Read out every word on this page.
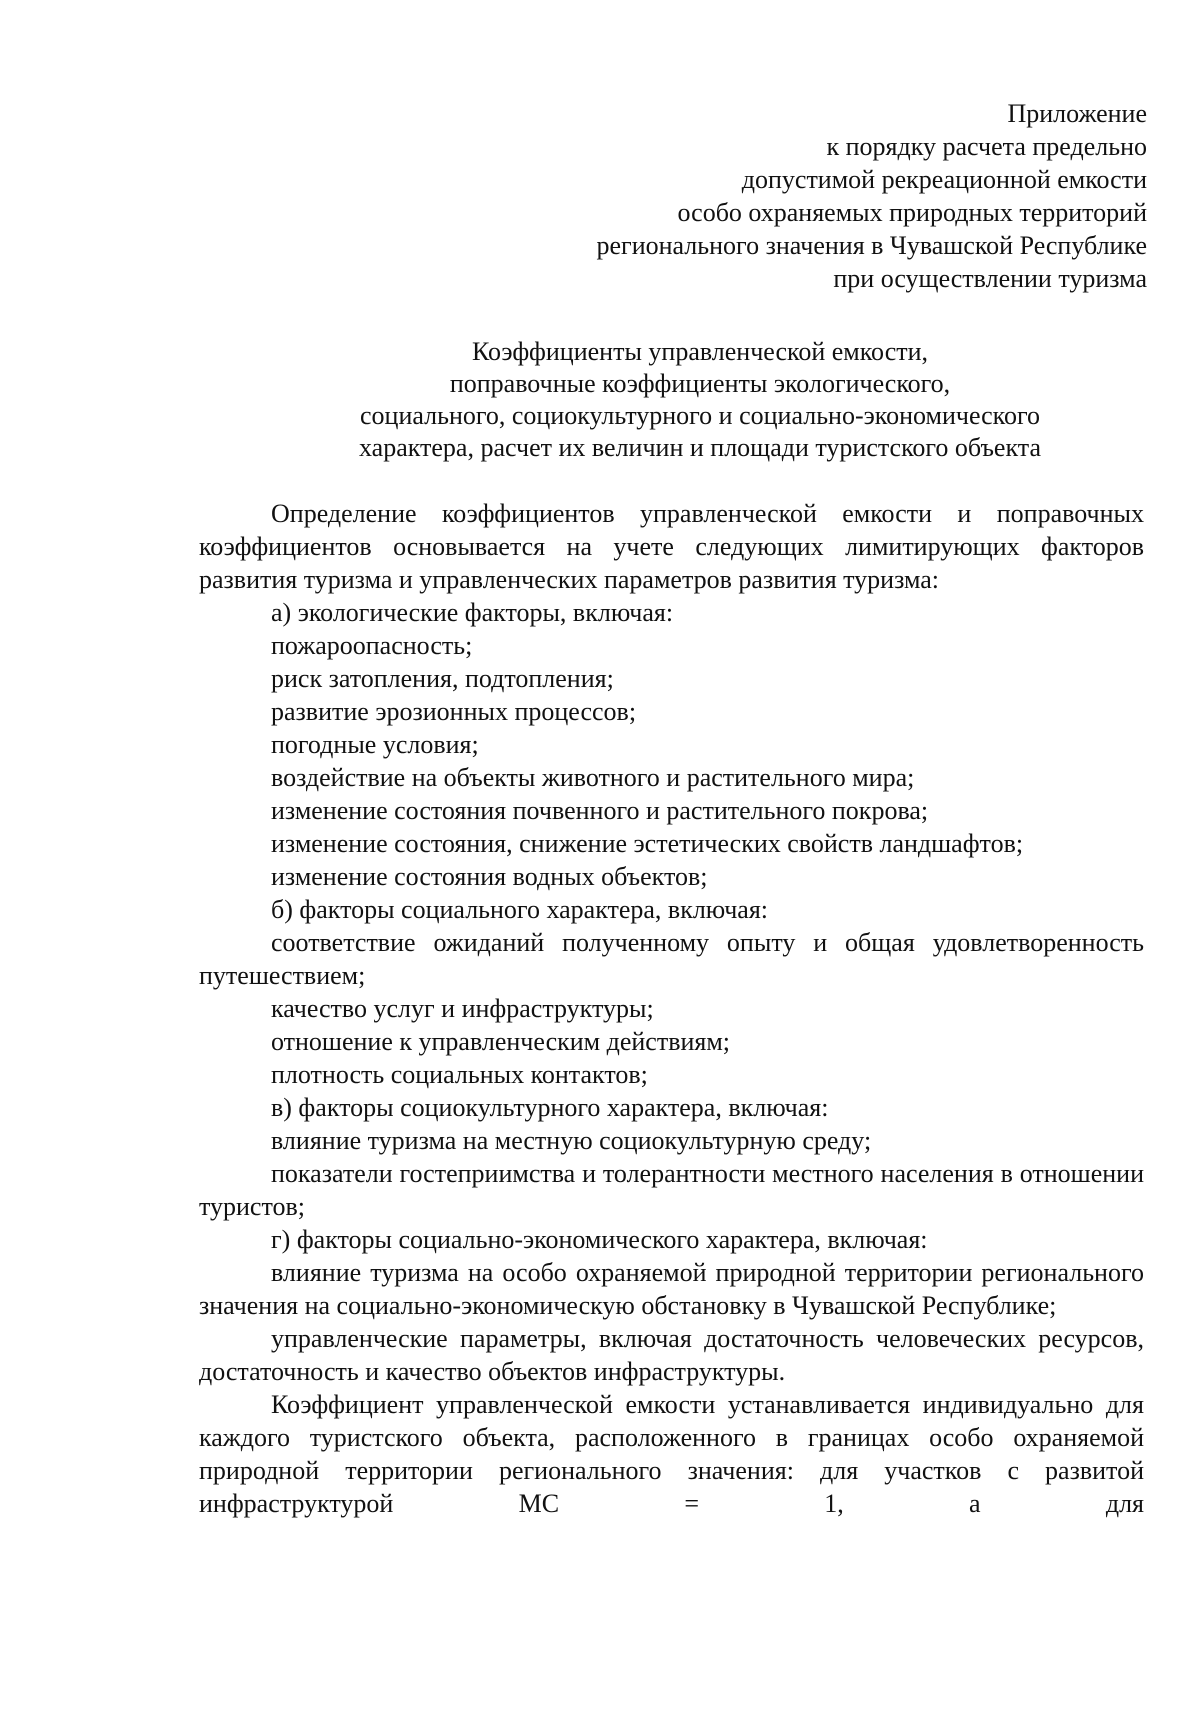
Приложение
к порядку расчета предельно
допустимой рекреационной емкости
особо охраняемых природных территорий
регионального значения в Чувашской Республике
при осуществлении туризма
Коэффициенты управленческой емкости,
поправочные коэффициенты экологического,
социального, социокультурного и социально-экономического
характера, расчет их величин и площади туристского объекта

Определение коэффициентов управленческой емкости и поправочных коэффициентов основывается на учете следующих лимитирующих факторов развития туризма и управленческих параметров развития туризма:

а) экологические факторы, включая:

пожароопасность;

риск затопления, подтопления;

развитие эрозионных процессов;

погодные условия;

воздействие на объекты животного и растительного мира;

изменение состояния почвенного и растительного покрова;

изменение состояния, снижение эстетических свойств ландшафтов;

изменение состояния водных объектов;

б) факторы социального характера, включая:

соответствие ожиданий полученному опыту и общая удовлетворенность путешествием;

качество услуг и инфраструктуры;

отношение к управленческим действиям;

плотность социальных контактов;

в) факторы социокультурного характера, включая:

влияние туризма на местную социокультурную среду;

показатели гостеприимства и толерантности местного населения в отношении туристов;

г) факторы социально-экономического характера, включая:

влияние туризма на особо охраняемой природной территории регионального значения на социально-экономическую обстановку в Чувашской Республике;

управленческие параметры, включая достаточность человеческих ресурсов, достаточность и качество объектов инфраструктуры.

Коэффициент управленческой емкости устанавливается индивидуально для каждого туристского объекта, расположенного в границах особо охраняемой природной территории регионального значения: для участков с развитой инфраструктурой МС = 1, а для
